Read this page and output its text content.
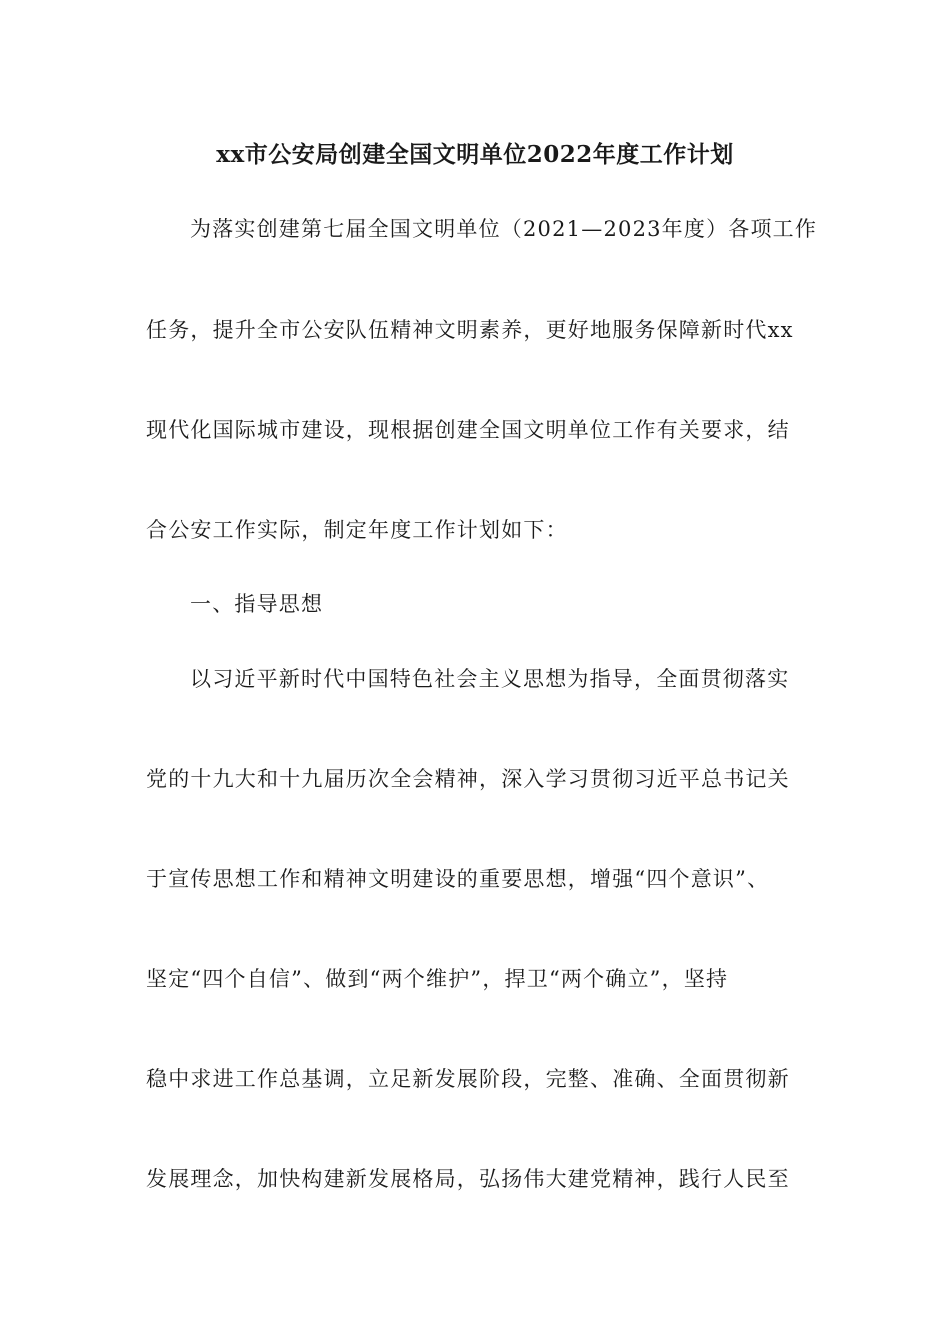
xx市公安局创建全国文明单位2022年度工作计划
为落实创建第七届全国文明单位（2021—2023年度）各项工作
任务，提升全市公安队伍精神文明素养，更好地服务保障新时代xx
现代化国际城市建设，现根据创建全国文明单位工作有关要求，结
合公安工作实际，制定年度工作计划如下：
一、指导思想
以习近平新时代中国特色社会主义思想为指导，全面贯彻落实
党的十九大和十九届历次全会精神，深入学习贯彻习近平总书记关
于宣传思想工作和精神文明建设的重要思想，增强“四个意识”、
坚定“四个自信”、做到“两个维护”，捍卫“两个确立”，坚持
稳中求进工作总基调，立足新发展阶段，完整、准确、全面贯彻新
发展理念，加快构建新发展格局，弘扬伟大建党精神，践行人民至
